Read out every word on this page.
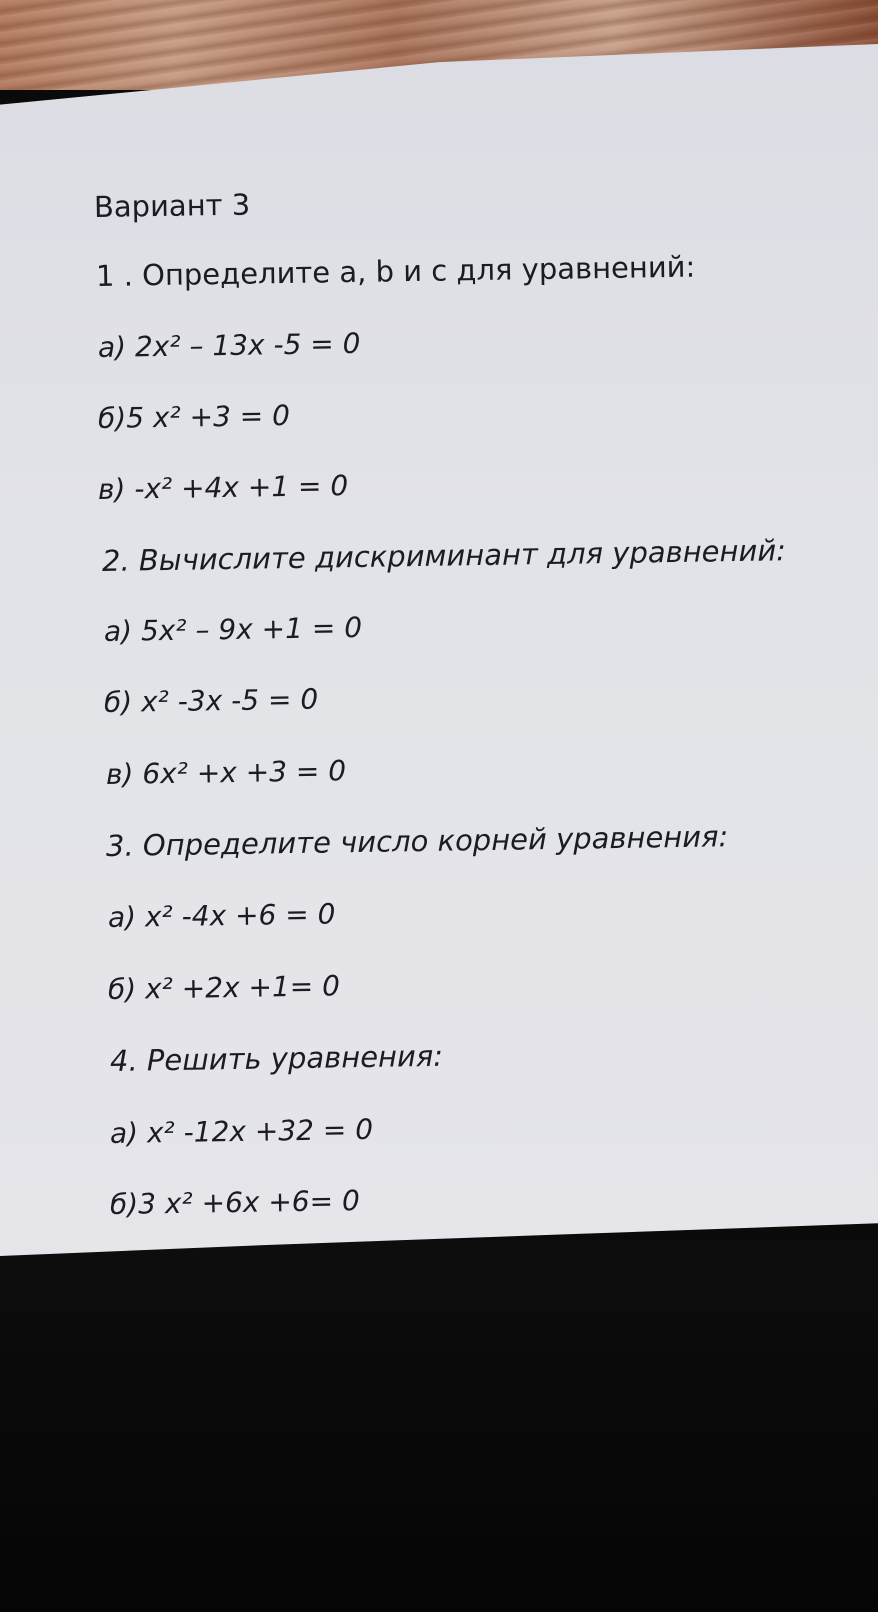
Вариант 3
1 . Определите a, b и c для уравнений:
а) 2x² – 13x -5 = 0
б)5 x² +3 = 0
в) -x² +4x +1 = 0
2. Вычислите дискриминант для уравнений:
а) 5x² – 9x +1 = 0
б) x² -3x -5 = 0
в) 6x² +x +3 = 0
3. Определите число корней уравнения:
а) x² -4x +6 = 0
б) x² +2x +1= 0
4. Решить уравнения:
а) x² -12x +32 = 0
б)3 x² +6x +6= 0
